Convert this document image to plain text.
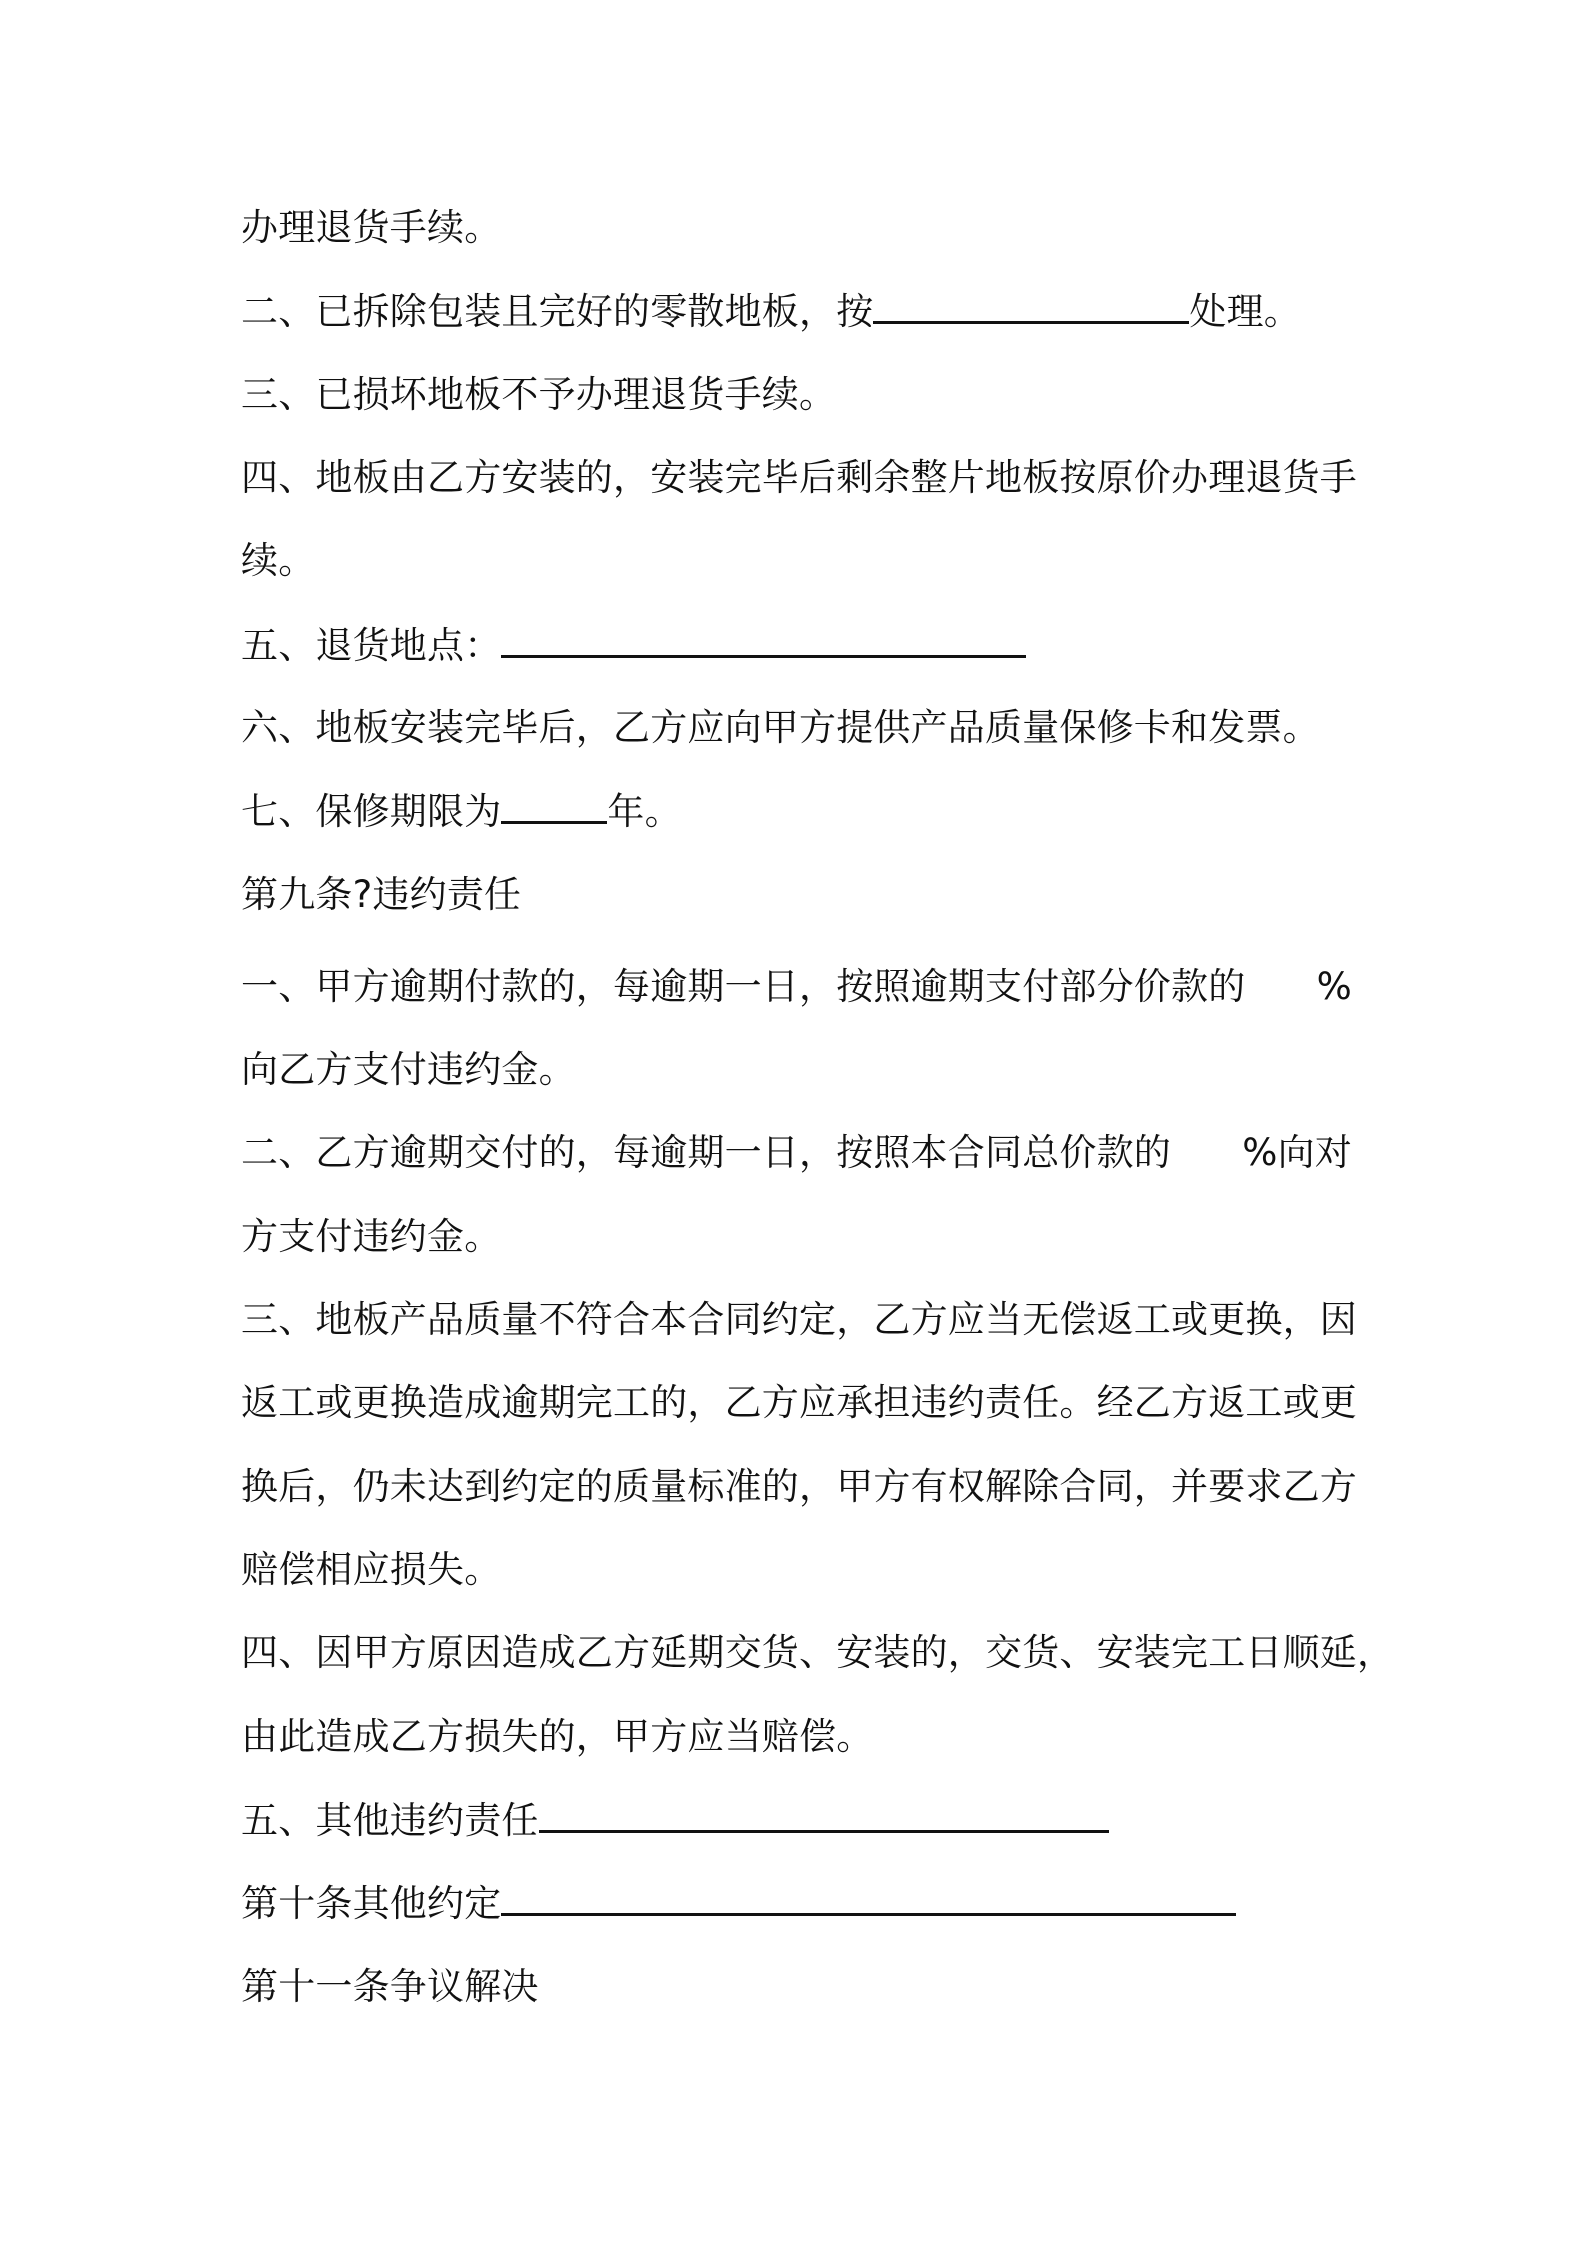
办理退货手续。
二、已拆除包装且完好的零散地板，按	处理。
三、已损坏地板不予办理退货手续。
四、地板由乙方安装的，安装完毕后剩余整片地板按原价办理退货手
续。
五、退货地点：
六、地板安装完毕后，乙方应向甲方提供产品质量保修卡和发票。
七、保修期限为	年。
第九条?违约责任
一、甲方逾期付款的，每逾期一日，按照逾期支付部分价款的 %
向乙方支付违约金。
二、乙方逾期交付的，每逾期一日，按照本合同总价款的 %向对
方支付违约金。
三、地板产品质量不符合本合同约定，乙方应当无偿返工或更换，因
返工或更换造成逾期完工的，乙方应承担违约责任。经乙方返工或更
换后，仍未达到约定的质量标准的，甲方有权解除合同，并要求乙方
赔偿相应损失。
四、因甲方原因造成乙方延期交货、安装的，交货、安装完工日顺延，
由此造成乙方损失的，甲方应当赔偿。
五、其他违约责任
第十条其他约定
第十一条争议解决
